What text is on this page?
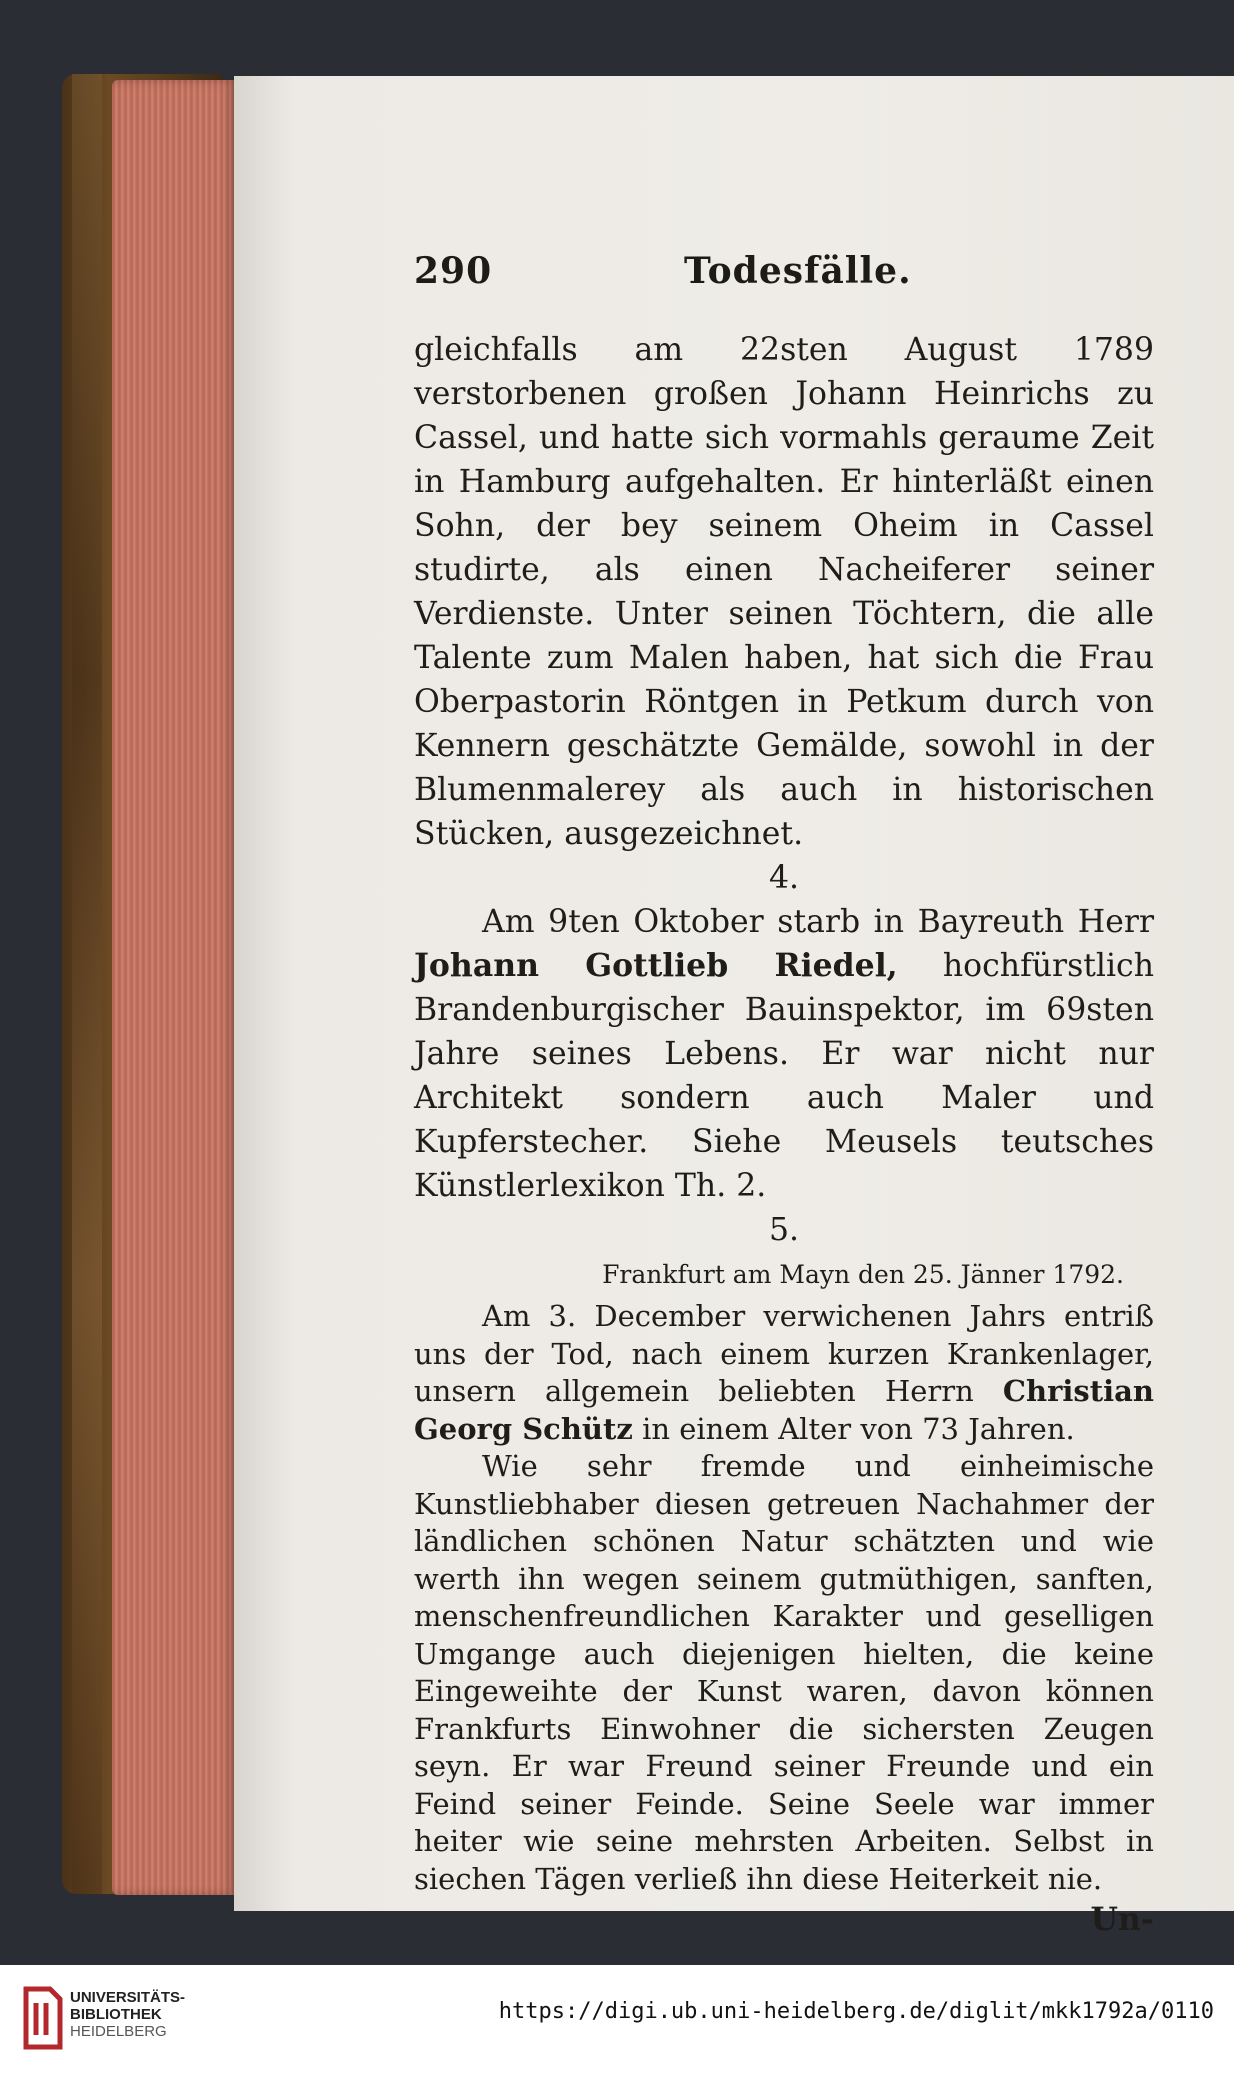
290	Todesfälle.

gleichfalls am 22sten August 1789 verstorbenen großen Johann Heinrichs zu Cassel, und hatte sich vormahls geraume Zeit in Hamburg aufgehalten. Er hinterläßt einen Sohn, der bey seinem Oheim in Cassel studirte, als einen Nacheiferer seiner Verdienste. Unter seinen Töchtern, die alle Talente zum Malen haben, hat sich die Frau Oberpastorin Röntgen in Petkum durch von Kennern geschätzte Gemälde, sowohl in der Blumenmalerey als auch in historischen Stücken, ausgezeichnet.

4.

Am 9ten Oktober starb in Bayreuth Herr Johann Gottlieb Riedel, hochfürstlich Brandenburgischer Bauinspektor, im 69sten Jahre seines Lebens. Er war nicht nur Architekt sondern auch Maler und Kupferstecher. Siehe Meusels teutsches Künstlerlexikon Th. 2.

5.

Frankfurt am Mayn den 25. Jänner 1792.

Am 3. December verwichenen Jahrs entriß uns der Tod, nach einem kurzen Krankenlager, unsern allgemein beliebten Herrn Christian Georg Schütz in einem Alter von 73 Jahren.

Wie sehr fremde und einheimische Kunstliebhaber diesen getreuen Nachahmer der ländlichen schönen Natur schätzten und wie werth ihn wegen seinem gutmüthigen, sanften, menschenfreundlichen Karakter und geselligen Umgange auch diejenigen hielten, die keine Eingeweihte der Kunst waren, davon können Frankfurts Einwohner die sichersten Zeugen seyn. Er war Freund seiner Freunde und ein Feind seiner Feinde. Seine Seele war immer heiter wie seine mehrsten Arbeiten. Selbst in siechen Tägen verließ ihn diese Heiterkeit nie.

Un-

UNIVERSITÄTS-
BIBLIOTHEK
HEIDELBERG
https://digi.ub.uni-heidelberg.de/diglit/mkk1792a/0110
